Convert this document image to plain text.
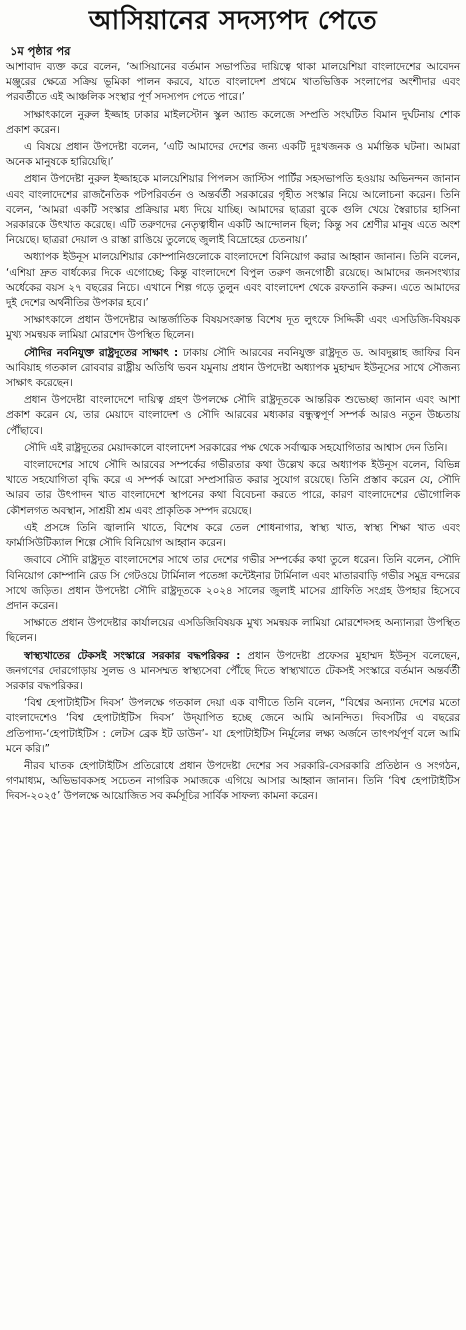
আসিয়ানের সদস্যপদ পেতে
১ম পৃষ্ঠার পর

আশাবাদ ব্যক্ত করে বলেন, ‘আসিয়ানের বর্তমান সভাপতির দায়িত্বে থাকা মালয়েশিয়া বাংলাদেশের আবেদন মঞ্জুরের ক্ষেত্রে সক্রিয় ভূমিকা পালন করবে, যাতে বাংলাদেশ প্রথমে খাতভিত্তিক সংলাপের অংশীদার এবং পরবর্তীতে এই আঞ্চলিক সংস্থার পূর্ণ সদস্যপদ পেতে পারে।’

সাক্ষাৎকালে নুরুল ইজ্জাহ ঢাকার মাইলস্টোন স্কুল অ্যান্ড কলেজে সম্প্রতি সংঘটিত বিমান দুর্ঘটনায় শোক প্রকাশ করেন।

এ বিষয়ে প্রধান উপদেষ্টা বলেন, ‘এটি আমাদের দেশের জন্য একটি দুঃখজনক ও মর্মান্তিক ঘটনা। আমরা অনেক মানুষকে হারিয়েছি।’

প্রধান উপদেষ্টা নুরুল ইজ্জাহকে মালয়েশিয়ার পিপলস জাস্টিস পার্টির সহসভাপতি হওয়ায় অভিনন্দন জানান এবং বাংলাদেশের রাজনৈতিক পটপরিবর্তন ও অন্তর্বর্তী সরকারের গৃহীত সংস্কার নিয়ে আলোচনা করেন। তিনি বলেন, ‘আমরা একটি সংস্কার প্রক্রিয়ার মধ্য দিয়ে যাচ্ছি। আমাদের ছাত্ররা বুকে গুলি খেয়ে স্বৈরাচার হাসিনা সরকারকে উৎখাত করেছে। এটি তরুণদের নেতৃত্বাধীন একটি আন্দোলন ছিল; কিন্তু সব শ্রেণীর মানুষ এতে অংশ নিয়েছে। ছাত্ররা দেয়াল ও রাস্তা রাঙিয়ে তুলেছে জুলাই বিদ্রোহের চেতনায়।’

অধ্যাপক ইউনূস মালয়েশিয়ার কোম্পানিগুলোকে বাংলাদেশে বিনিয়োগ করার আহ্বান জানান। তিনি বলেন, ‘এশিয়া দ্রুত বার্ধক্যের দিকে এগোচ্ছে; কিন্তু বাংলাদেশে বিপুল তরুণ জনগোষ্ঠী রয়েছে। আমাদের জনসংখ্যার অর্ধেকের বয়স ২৭ বছরের নিচে। এখানে শিল্প গড়ে তুলুন এবং বাংলাদেশ থেকে রফতানি করুন। এতে আমাদের দুই দেশের অর্থনীতির উপকার হবে।’

সাক্ষাৎকালে প্রধান উপদেষ্টার আন্তর্জাতিক বিষয়সংক্রান্ত বিশেষ দূত লুৎফে সিদ্দিকী এবং এসডিজি-বিষয়ক মুখ্য সমন্বয়ক লামিয়া মোরশেদ উপস্থিত ছিলেন।

সৌদির নবনিযুক্ত রাষ্ট্রদূতের সাক্ষাৎ : ঢাকায় সৌদি আরবের নবনিযুক্ত রাষ্ট্রদূত ড. আবদুল্লাহ জাফির বিন আবিয়াহ গতকাল রোববার রাষ্ট্রীয় অতিথি ভবন যমুনায় প্রধান উপদেষ্টা অধ্যাপক মুহাম্মদ ইউনূসের সাথে সৌজন্য সাক্ষাৎ করেছেন।

প্রধান উপদেষ্টা বাংলাদেশে দায়িত্ব গ্রহণ উপলক্ষে সৌদি রাষ্ট্রদূতকে আন্তরিক শুভেচ্ছা জানান এবং আশা প্রকাশ করেন যে, তার মেয়াদে বাংলাদেশ ও সৌদি আরবের মধ্যকার বন্ধুত্বপূর্ণ সম্পর্ক আরও নতুন উচ্চতায় পৌঁছাবে।

সৌদি এই রাষ্ট্রদূতের মেয়াদকালে বাংলাদেশ সরকারের পক্ষ থেকে সর্বাত্মক সহযোগিতার আশ্বাস দেন তিনি।

বাংলাদেশের সাথে সৌদি আরবের সম্পর্কের গভীরতার কথা উল্লেখ করে অধ্যাপক ইউনূস বলেন, বিভিন্ন খাতে সহযোগিতা বৃদ্ধি করে এ সম্পর্ক আরো সম্প্রসারিত করার সুযোগ রয়েছে। তিনি প্রস্তাব করেন যে, সৌদি আরব তার উৎপাদন খাত বাংলাদেশে স্থাপনের কথা বিবেচনা করতে পারে, কারণ বাংলাদেশের ভৌগোলিক কৌশলগত অবস্থান, সাশ্রয়ী শ্রম এবং প্রাকৃতিক সম্পদ রয়েছে।

এই প্রসঙ্গে তিনি জ্বালানি খাতে, বিশেষ করে তেল শোধনাগার, স্বাস্থ্য খাত, স্বাস্থ্য শিক্ষা খাত এবং ফার্মাসিউটিক্যাল শিল্পে সৌদি বিনিয়োগ আহ্বান করেন।

জবাবে সৌদি রাষ্ট্রদূত বাংলাদেশের সাথে তার দেশের গভীর সম্পর্কের কথা তুলে ধরেন। তিনি বলেন, সৌদি বিনিয়োগ কোম্পানি রেড সি গেটওয়ে টার্মিনাল পতেঙ্গা কন্টেইনার টার্মিনাল এবং মাতারবাড়ি গভীর সমুদ্র বন্দরের সাথে জড়িত। প্রধান উপদেষ্টা সৌদি রাষ্ট্রদূতকে ২০২৪ সালের জুলাই মাসের গ্রাফিতি সংগ্রহ উপহার হিসেবে প্রদান করেন।

সাক্ষাতে প্রধান উপদেষ্টার কার্যালয়ের এসডিজিবিষয়ক মুখ্য সমন্বয়ক লামিয়া মোরশেদসহ অন্যান্যরা উপস্থিত ছিলেন।

স্বাস্থ্যখাতের টেকসই সংস্কারে সরকার বদ্ধপরিকর : প্রধান উপদেষ্টা প্রফেসর মুহাম্মদ ইউনূস বলেছেন, জনগণের দোরগোড়ায় সুলভ ও মানসম্মত স্বাস্থ্যসেবা পৌঁছে দিতে স্বাস্থ্যখাতে টেকসই সংস্কারে বর্তমান অন্তর্বর্তী সরকার বদ্ধপরিকর।

‘বিশ্ব হেপাটাইটিস দিবস’ উপলক্ষে গতকাল দেয়া এক বাণীতে তিনি বলেন, “বিশ্বের অন্যান্য দেশের মতো বাংলাদেশেও ‘বিশ্ব হেপাটাইটিস দিবস’ উদ্‌যাপিত হচ্ছে জেনে আমি আনন্দিত। দিবসটির এ বছরের প্রতিপাদ্য-‘হেপাটাইটিস : লেটস ব্রেক ইট ডাউন’- যা হেপাটাইটিস নির্মূলের লক্ষ্য অর্জনে তাৎপর্যপূর্ণ বলে আমি মনে করি।”

নীরব ঘাতক হেপাটাইটিস প্রতিরোধে প্রধান উপদেষ্টা দেশের সব সরকারি-বেসরকারি প্রতিষ্ঠান ও সংগঠন, গণমাধ্যম, অভিভাবকসহ সচেতন নাগরিক সমাজকে এগিয়ে আসার আহ্বান জানান। তিনি ‘বিশ্ব হেপাটাইটিস দিবস-২০২৫’ উপলক্ষে আয়োজিত সব কর্মসূচির সার্বিক সাফল্য কামনা করেন।
